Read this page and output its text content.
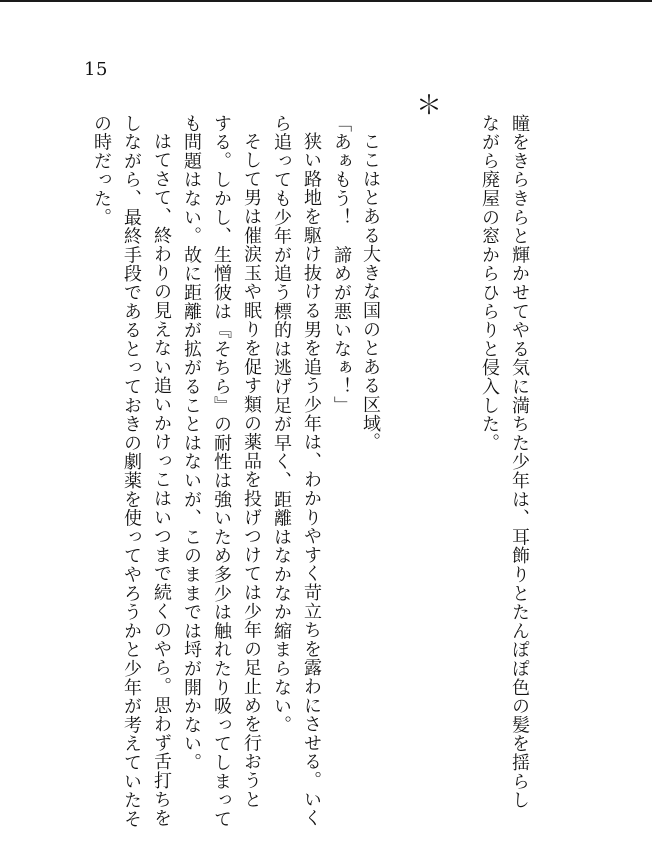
15
＊
瞳をきらきらと輝かせてやる気に満ちた少年は、耳飾りとたんぽぽ色の髪を揺らし
ながら廃屋の窓からひらりと侵入した。
ここはとある大きな国のとある区域。
「あぁもう！　諦めが悪いなぁ！」
狭い路地を駆け抜ける男を追う少年は、わかりやすく苛立ちを露わにさせる。いく
ら追っても少年が追う標的は逃げ足が早く、距離はなかなか縮まらない。
そして男は催涙玉や眠りを促す類の薬品を投げつけては少年の足止めを行おうと
する。しかし、生憎彼は『そちら』の耐性は強いため多少は触れたり吸ってしまって
も問題はない。故に距離が拡がることはないが、このままでは埒が開かない。
はてさて、終わりの見えない追いかけっこはいつまで続くのやら。思わず舌打ちを
しながら、最終手段であるとっておきの劇薬を使ってやろうかと少年が考えていたそ
の時だった。
